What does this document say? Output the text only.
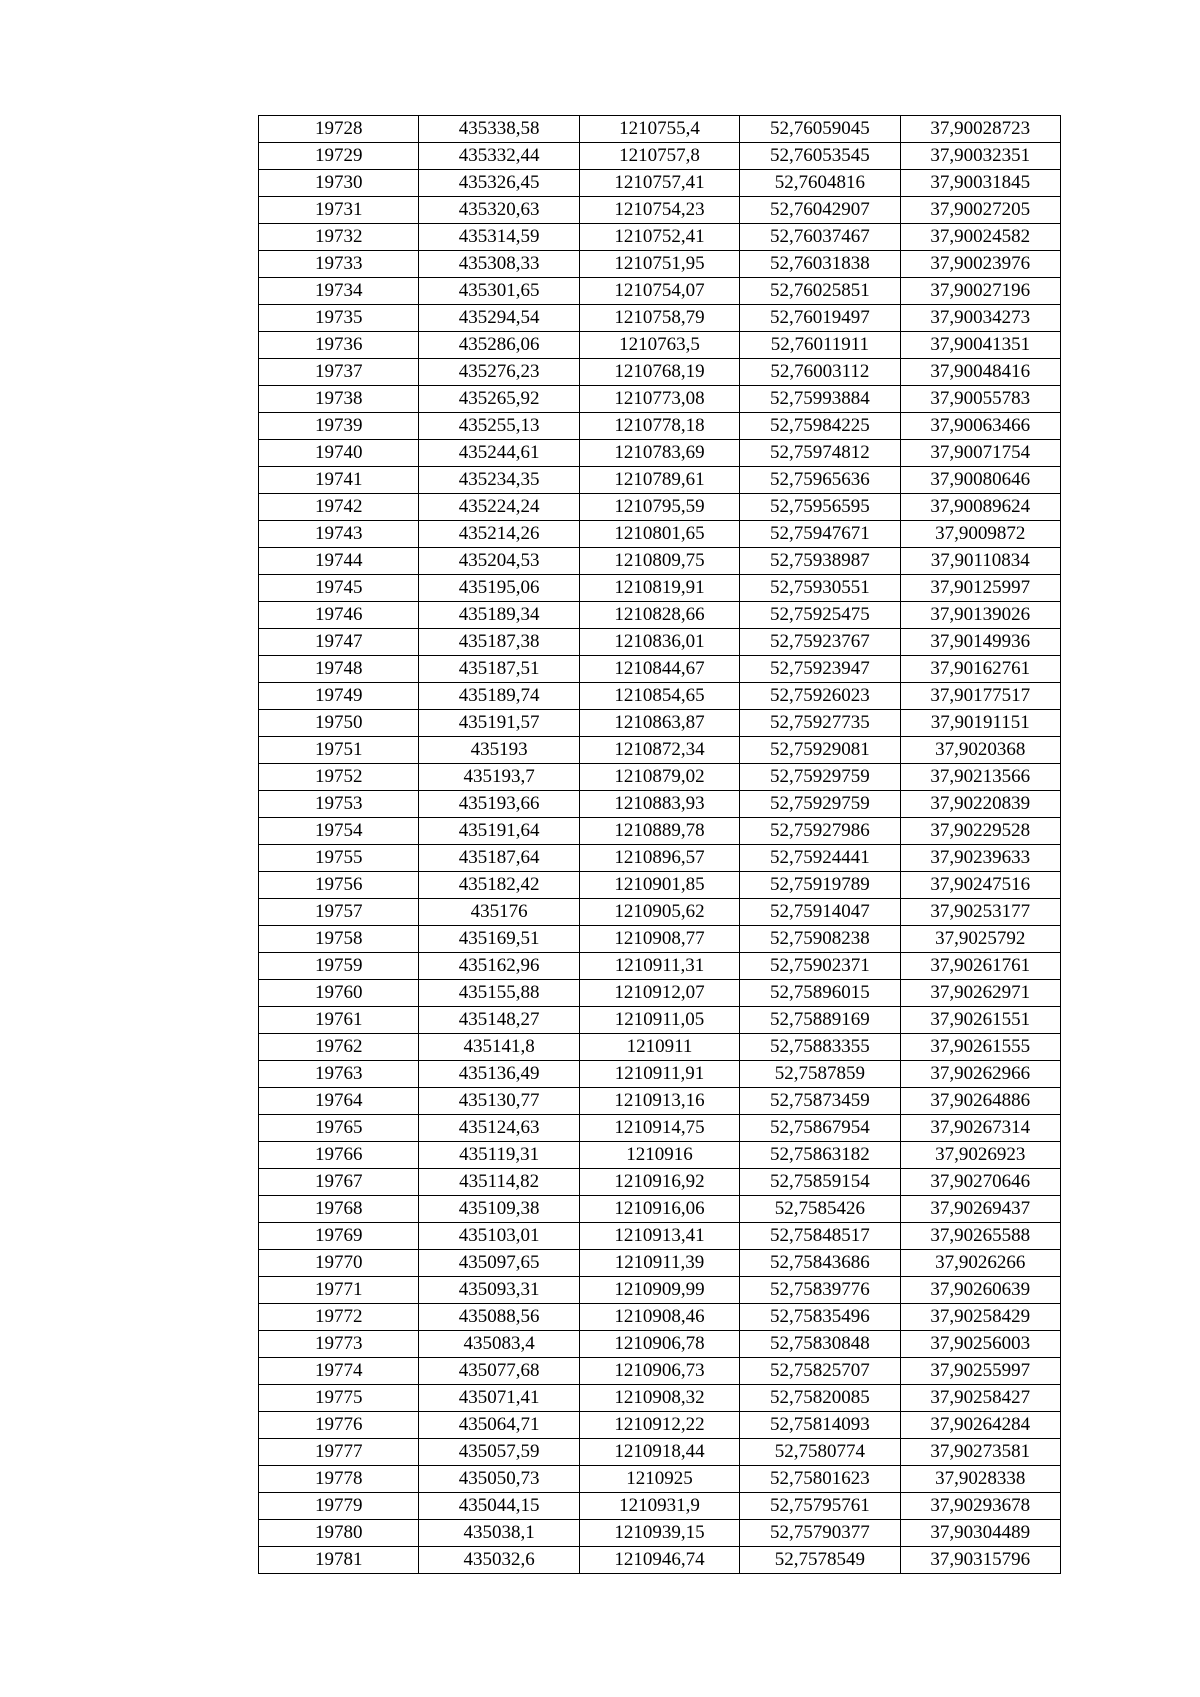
19728	435338,58	1210755,4	52,76059045	37,90028723
19729	435332,44	1210757,8	52,76053545	37,90032351
19730	435326,45	1210757,41	52,7604816	37,90031845
19731	435320,63	1210754,23	52,76042907	37,90027205
19732	435314,59	1210752,41	52,76037467	37,90024582
19733	435308,33	1210751,95	52,76031838	37,90023976
19734	435301,65	1210754,07	52,76025851	37,90027196
19735	435294,54	1210758,79	52,76019497	37,90034273
19736	435286,06	1210763,5	52,76011911	37,90041351
19737	435276,23	1210768,19	52,76003112	37,90048416
19738	435265,92	1210773,08	52,75993884	37,90055783
19739	435255,13	1210778,18	52,75984225	37,90063466
19740	435244,61	1210783,69	52,75974812	37,90071754
19741	435234,35	1210789,61	52,75965636	37,90080646
19742	435224,24	1210795,59	52,75956595	37,90089624
19743	435214,26	1210801,65	52,75947671	37,9009872
19744	435204,53	1210809,75	52,75938987	37,90110834
19745	435195,06	1210819,91	52,75930551	37,90125997
19746	435189,34	1210828,66	52,75925475	37,90139026
19747	435187,38	1210836,01	52,75923767	37,90149936
19748	435187,51	1210844,67	52,75923947	37,90162761
19749	435189,74	1210854,65	52,75926023	37,90177517
19750	435191,57	1210863,87	52,75927735	37,90191151
19751	435193	1210872,34	52,75929081	37,9020368
19752	435193,7	1210879,02	52,75929759	37,90213566
19753	435193,66	1210883,93	52,75929759	37,90220839
19754	435191,64	1210889,78	52,75927986	37,90229528
19755	435187,64	1210896,57	52,75924441	37,90239633
19756	435182,42	1210901,85	52,75919789	37,90247516
19757	435176	1210905,62	52,75914047	37,90253177
19758	435169,51	1210908,77	52,75908238	37,9025792
19759	435162,96	1210911,31	52,75902371	37,90261761
19760	435155,88	1210912,07	52,75896015	37,90262971
19761	435148,27	1210911,05	52,75889169	37,90261551
19762	435141,8	1210911	52,75883355	37,90261555
19763	435136,49	1210911,91	52,7587859	37,90262966
19764	435130,77	1210913,16	52,75873459	37,90264886
19765	435124,63	1210914,75	52,75867954	37,90267314
19766	435119,31	1210916	52,75863182	37,9026923
19767	435114,82	1210916,92	52,75859154	37,90270646
19768	435109,38	1210916,06	52,7585426	37,90269437
19769	435103,01	1210913,41	52,75848517	37,90265588
19770	435097,65	1210911,39	52,75843686	37,9026266
19771	435093,31	1210909,99	52,75839776	37,90260639
19772	435088,56	1210908,46	52,75835496	37,90258429
19773	435083,4	1210906,78	52,75830848	37,90256003
19774	435077,68	1210906,73	52,75825707	37,90255997
19775	435071,41	1210908,32	52,75820085	37,90258427
19776	435064,71	1210912,22	52,75814093	37,90264284
19777	435057,59	1210918,44	52,7580774	37,90273581
19778	435050,73	1210925	52,75801623	37,9028338
19779	435044,15	1210931,9	52,75795761	37,90293678
19780	435038,1	1210939,15	52,75790377	37,90304489
19781	435032,6	1210946,74	52,7578549	37,90315796
